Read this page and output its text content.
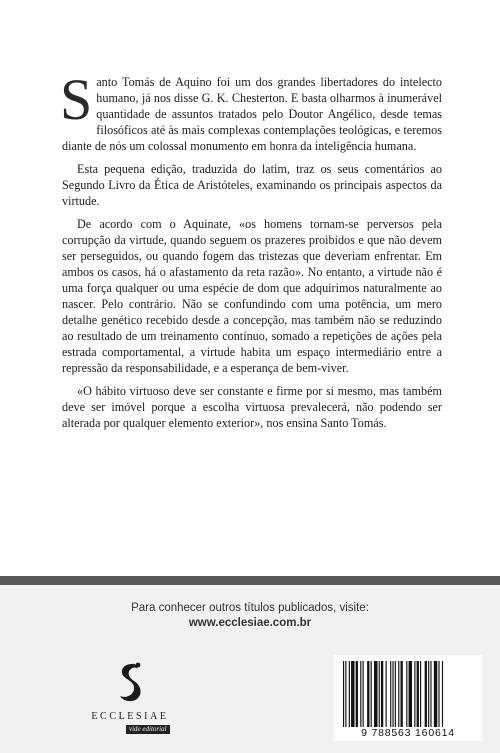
Santo Tomás de Aquino foi um dos grandes libertadores do intelecto humano, já nos disse G. K. Chesterton. E basta olharmos à inumerável quantidade de assuntos tratados pelo Doutor Angélico, desde temas filosóficos até às mais complexas contemplações teológicas, e teremos diante de nós um colossal monumento em honra da inteligência humana.

Esta pequena edição, traduzida do latim, traz os seus comentários ao Segundo Livro da Ética de Aristóteles, examinando os principais aspectos da virtude.

De acordo com o Aquinate, «os homens tornam-se perversos pela corrupção da virtude, quando seguem os prazeres proibidos e que não devem ser perseguidos, ou quando fogem das tristezas que deveriam enfrentar. Em ambos os casos, há o afastamento da reta razão». No entanto, a virtude não é uma força qualquer ou uma espécie de dom que adquirimos naturalmente ao nascer. Pelo contrário. Não se confundindo com uma potência, um mero detalhe genético recebido desde a concepção, mas também não se reduzindo ao resultado de um treinamento contínuo, somado a repetições de ações pela estrada comportamental, a virtude habita um espaço intermediário entre a repressão da responsabilidade, e a esperança de bem-viver.

«O hábito virtuoso deve ser constante e firme por si mesmo, mas também deve ser imóvel porque a escolha virtuosa prevalecerá, não podendo ser alterada por qualquer elemento exterior», nos ensina Santo Tomás.

Para conhecer outros títulos publicados, visite:
www.ecclesiae.com.br
ECCLESIAE
vide editorial	9 788563 160614
